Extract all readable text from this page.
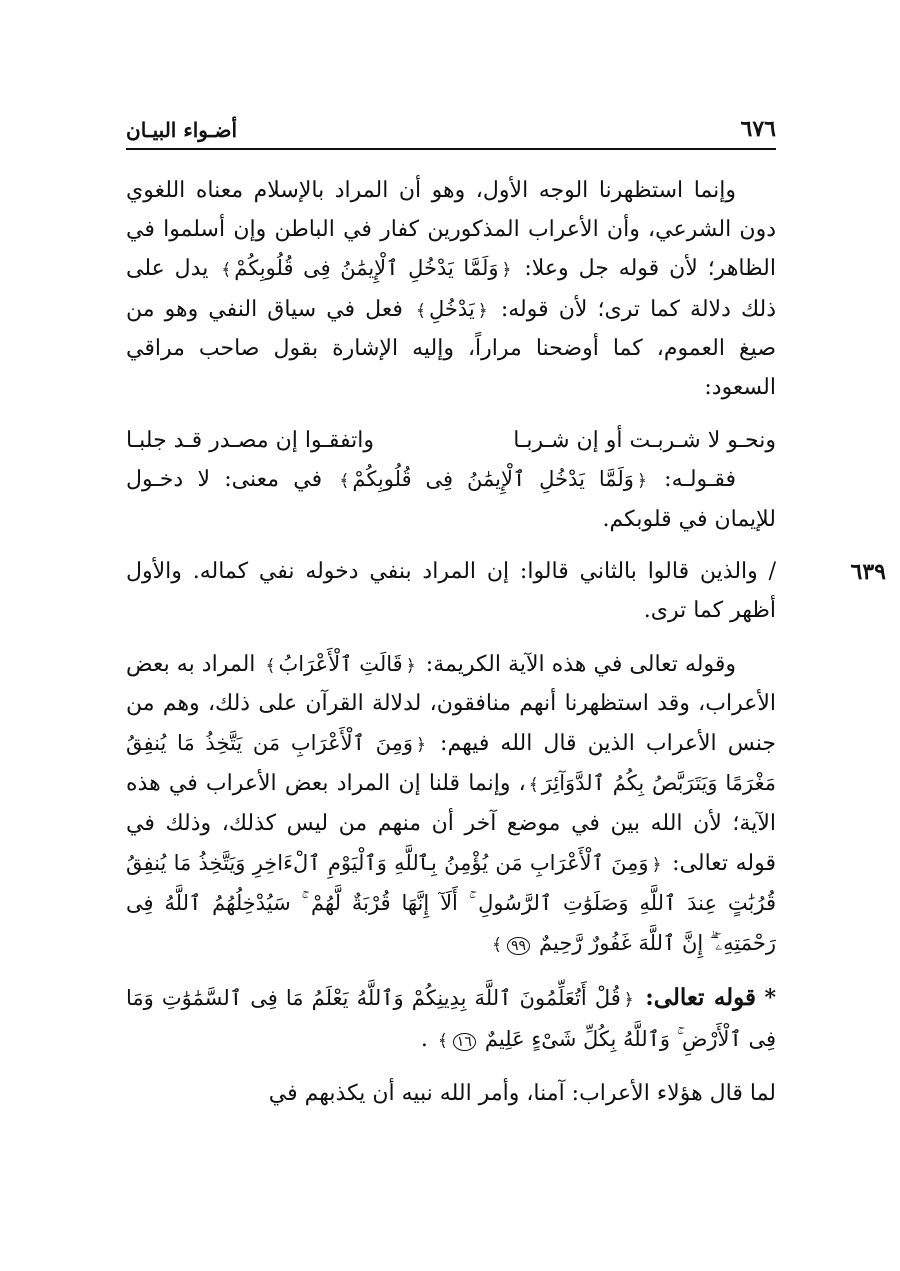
٦٧٦
أضـواء البيـان

وإنما استظهرنا الوجه الأول، وهو أن المراد بالإسلام معناه اللغوي دون الشرعي، وأن الأعراب المذكورين كفار في الباطن وإن أسلموا في الظاهر؛ لأن قوله جل وعلا: ﴿وَلَمَّا يَدْخُلِ ٱلْإِيمَٰنُ فِى قُلُوبِكُمْ﴾ يدل على ذلك دلالة كما ترى؛ لأن قوله: ﴿يَدْخُلِ﴾ فعل في سياق النفي وهو من صيغ العموم، كما أوضحنا مراراً، وإليه الإشارة بقول صاحب مراقي السعود:

ونحـو لا شـربـت أو إن شـربـا
واتفقـوا إن مصـدر قـد جلبـا

فقـولـه: ﴿وَلَمَّا يَدْخُلِ ٱلْإِيمَٰنُ فِى قُلُوبِكُمْ﴾ في معنى: لا دخـول للإيمان في قلوبكم.

٦٣٩

/ والذين قالوا بالثاني قالوا: إن المراد بنفي دخوله نفي كماله. والأول أظهر كما ترى.

وقوله تعالى في هذه الآية الكريمة: ﴿قَالَتِ ٱلْأَعْرَابُ﴾ المراد به بعض الأعراب، وقد استظهرنا أنهم منافقون، لدلالة القرآن على ذلك، وهم من جنس الأعراب الذين قال الله فيهم: ﴿وَمِنَ ٱلْأَعْرَابِ مَن يَتَّخِذُ مَا يُنفِقُ مَغْرَمًا وَيَتَرَبَّصُ بِكُمُ ٱلدَّوَآئِرَ﴾، وإنما قلنا إن المراد بعض الأعراب في هذه الآية؛ لأن الله بين في موضع آخر أن منهم من ليس كذلك، وذلك في قوله تعالى: ﴿وَمِنَ ٱلْأَعْرَابِ مَن يُؤْمِنُ بِٱللَّهِ وَٱلْيَوْمِ ٱلْءَاخِرِ وَيَتَّخِذُ مَا يُنفِقُ قُرُبَٰتٍ عِندَ ٱللَّهِ وَصَلَوَٰتِ ٱلرَّسُولِ ۚ أَلَآ إِنَّهَا قُرْبَةٌ لَّهُمْ ۚ سَيُدْخِلُهُمُ ٱللَّهُ فِى رَحْمَتِهِۦٓ ۗ إِنَّ ٱللَّهَ غَفُورٌ رَّحِيمٌ ٩٩﴾

* قوله تعالى: ﴿قُلْ أَتُعَلِّمُونَ ٱللَّهَ بِدِينِكُمْ وَٱللَّهُ يَعْلَمُ مَا فِى ٱلسَّمَٰوَٰتِ وَمَا فِى ٱلْأَرْضِ ۚ وَٱللَّهُ بِكُلِّ شَىْءٍ عَلِيمٌ ١٦﴾ .

لما قال هؤلاء الأعراب: آمنا، وأمر الله نبيه أن يكذبهم في
